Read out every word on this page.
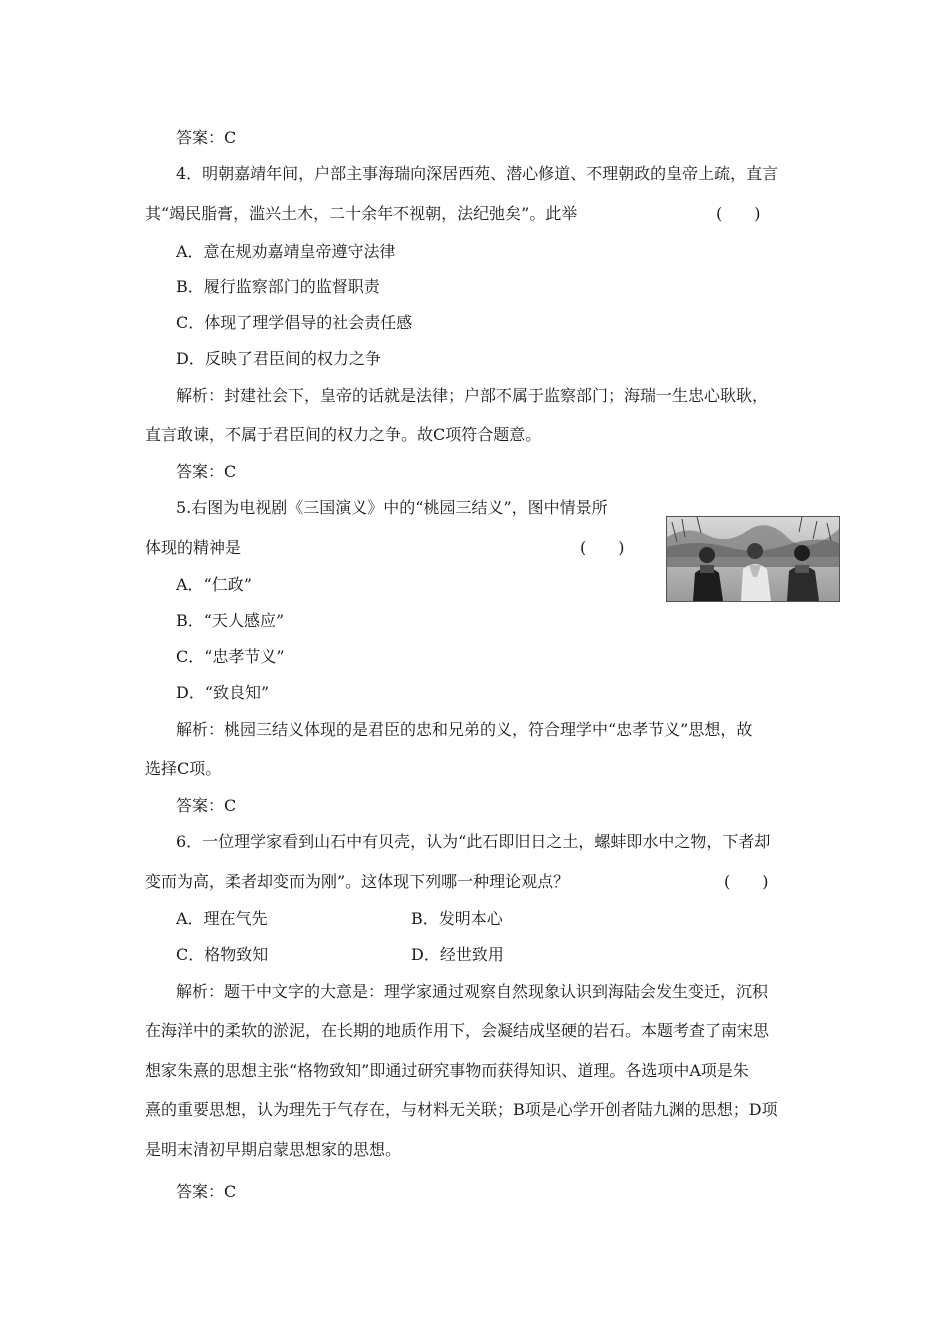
答案：C
4．明朝嘉靖年间，户部主事海瑞向深居西苑、潜心修道、不理朝政的皇帝上疏，直言
其“竭民脂膏，滥兴土木，二十余年不视朝，法纪弛矣”。此举	(　　)
A．意在规劝嘉靖皇帝遵守法律
B．履行监察部门的监督职责
C．体现了理学倡导的社会责任感
D．反映了君臣间的权力之争
解析：封建社会下，皇帝的话就是法律；户部不属于监察部门；海瑞一生忠心耿耿，
直言敢谏，不属于君臣间的权力之争。故C项符合题意。
答案：C
5.右图为电视剧《三国演义》中的“桃园三结义”，图中情景所
体现的精神是	(　　)
A．“仁政”
B．“天人感应”
C．“忠孝节义”
D．“致良知”
解析：桃园三结义体现的是君臣的忠和兄弟的义，符合理学中“忠孝节义”思想，故
选择C项。
答案：C
6．一位理学家看到山石中有贝壳，认为“此石即旧日之土，螺蚌即水中之物，下者却
变而为高，柔者却变而为刚”。这体现下列哪一种理论观点？	(　　)
A．理在气先	B．发明本心
C．格物致知	D．经世致用
解析：题干中文字的大意是：理学家通过观察自然现象认识到海陆会发生变迁，沉积
在海洋中的柔软的淤泥，在长期的地质作用下，会凝结成坚硬的岩石。本题考查了南宋思
想家朱熹的思想主张“格物致知”即通过研究事物而获得知识、道理。各选项中A项是朱
熹的重要思想，认为理先于气存在，与材料无关联；B项是心学开创者陆九渊的思想；D项
是明末清初早期启蒙思想家的思想。
答案：C
